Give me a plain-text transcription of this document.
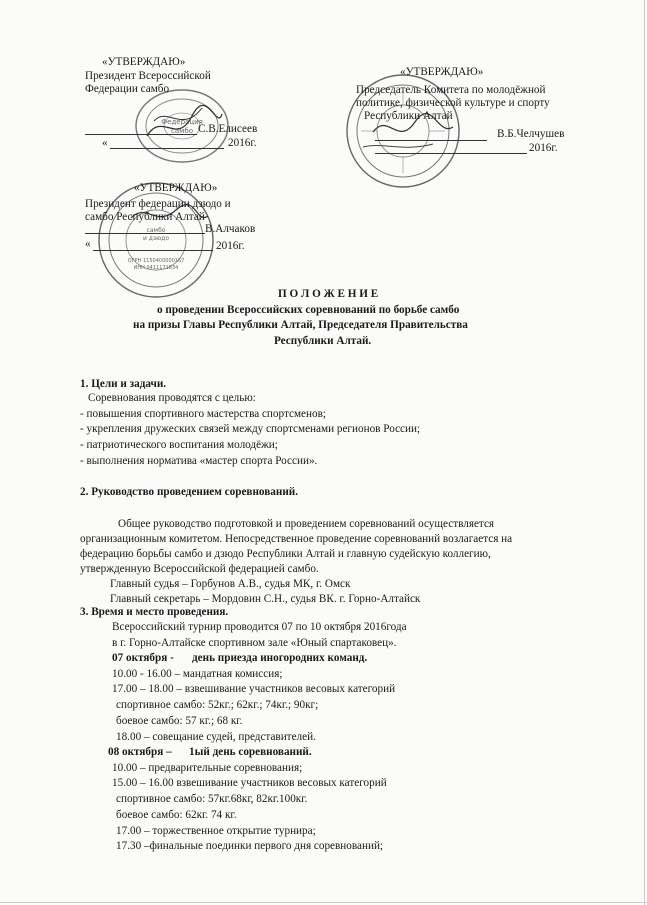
Федерация
самбо
самбо
и дзюдо
ОГРН 1150400000167
ИНН 0411171834
«УТВЕРЖДАЮ»
Президент Всероссийской
Федерации самбо
С.В.Елисеев
«	2016г.
«УТВЕРЖДАЮ»
Председатель Комитета по молодёжной
политике, физической культуре и спорту
Республики Алтай
В.Б.Челчушев
2016г.
«УТВЕРЖДАЮ»
Президент федерации дзюдо и
самбо Республики Алтай
В.Алчаков
«	2016г.
П О Л О Ж Е Н И Е
о проведении Всероссийских соревнований по борьбе самбо
на призы Главы Республики Алтай, Председателя Правительства
Республики Алтай.
1. Цели и задачи.
Соревнования проводятся с целью:
- повышения спортивного мастерства спортсменов;
- укрепления дружеских связей между спортсменами регионов России;
- патриотического воспитания молодёжи;
- выполнения норматива «мастер спорта России».
2. Руководство проведением соревнований.
Общее руководство подготовкой и проведением соревнований осуществляется
организационным комитетом. Непосредственное проведение соревнований возлагается на
федерацию борьбы самбо и дзюдо Республики Алтай и главную судейскую коллегию,
утвержденную Всероссийской федерацией самбо.
Главный судья – Горбунов А.В., судья МК, г. Омск
Главный секретарь – Мордовин С.Н., судья ВК. г. Горно-Алтайск
3. Время и место проведения.
Всероссийский турнир проводится 07 по 10 октября 2016года
в г. Горно-Алтайске спортивном зале «Юный спартаковец».
07 октября - день приезда иногородних команд.
10.00 - 16.00 – мандатная комиссия;
17.00 – 18.00 – взвешивание участников весовых категорий
спортивное самбо: 52кг.; 62кг.; 74кг.; 90кг;
боевое самбо: 57 кг.; 68 кг.
18.00 – совещание судей, представителей.
08 октября – 1ый день соревнований.
10.00 – предварительные соревнования;
15.00 – 16.00 взвешивание участников весовых категорий
спортивное самбо: 57кг.68кг, 82кг.100кг.
боевое самбо: 62кг. 74 кг.
17.00 – торжественное открытие турнира;
17.30 –финальные поединки первого дня соревнований;
